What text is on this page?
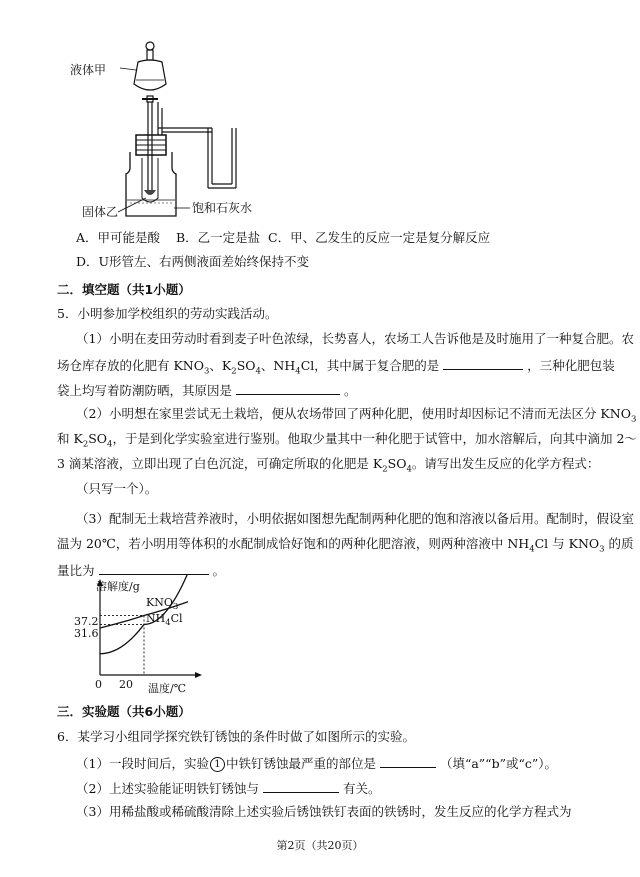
液体甲
固体乙	饱和石灰水
A．甲可能是酸 B．乙一定是盐 C．甲、乙发生的反应一定是复分解反应
D．U形管左、右两侧液面差始终保持不变
二．填空题（共1小题）
5．小明参加学校组织的劳动实践活动。
（1）小明在麦田劳动时看到麦子叶色浓绿，长势喜人，农场工人告诉他是及时施用了一种复合肥。农
场仓库存放的化肥有 $KNO_3$、$K_2SO_4$、$NH_4Cl$，其中属于复合肥的是	，三种化肥包装
袋上均写着防潮防晒，其原因是	。
（2）小明想在家里尝试无土栽培，便从农场带回了两种化肥，使用时却因标记不清而无法区分 $KNO_3$
和 $K_2SO_4$，于是到化学实验室进行鉴别。他取少量其中一种化肥于试管中，加水溶解后，向其中滴加 2～
3 滴某溶液，立即出现了白色沉淀，可确定所取的化肥是 $K_2SO_4$。请写出发生反应的化学方程式：
（只写一个）。
（3）配制无土栽培营养液时，小明依据如图想先配制两种化肥的饱和溶液以备后用。配制时，假设室
温为 20℃，若小明用等体积的水配制成恰好饱和的两种化肥溶液，则两种溶液中 $NH_4Cl$ 与 $KNO_3$ 的质
量比为	。
溶解度/g
温度/℃
37.2
31.6
0 20
$KNO_3$
$NH_4Cl$
三．实验题（共6小题）
6．某学习小组同学探究铁钉锈蚀的条件时做了如图所示的实验。
（1）一段时间后，实验 1 中铁钉锈蚀最严重的部位是	（填“a”“b”或“c”）。
（2）上述实验能证明铁钉锈蚀与	有关。
（3）用稀盐酸或稀硫酸清除上述实验后锈蚀铁钉表面的铁锈时，发生反应的化学方程式为
第2页（共20页）
